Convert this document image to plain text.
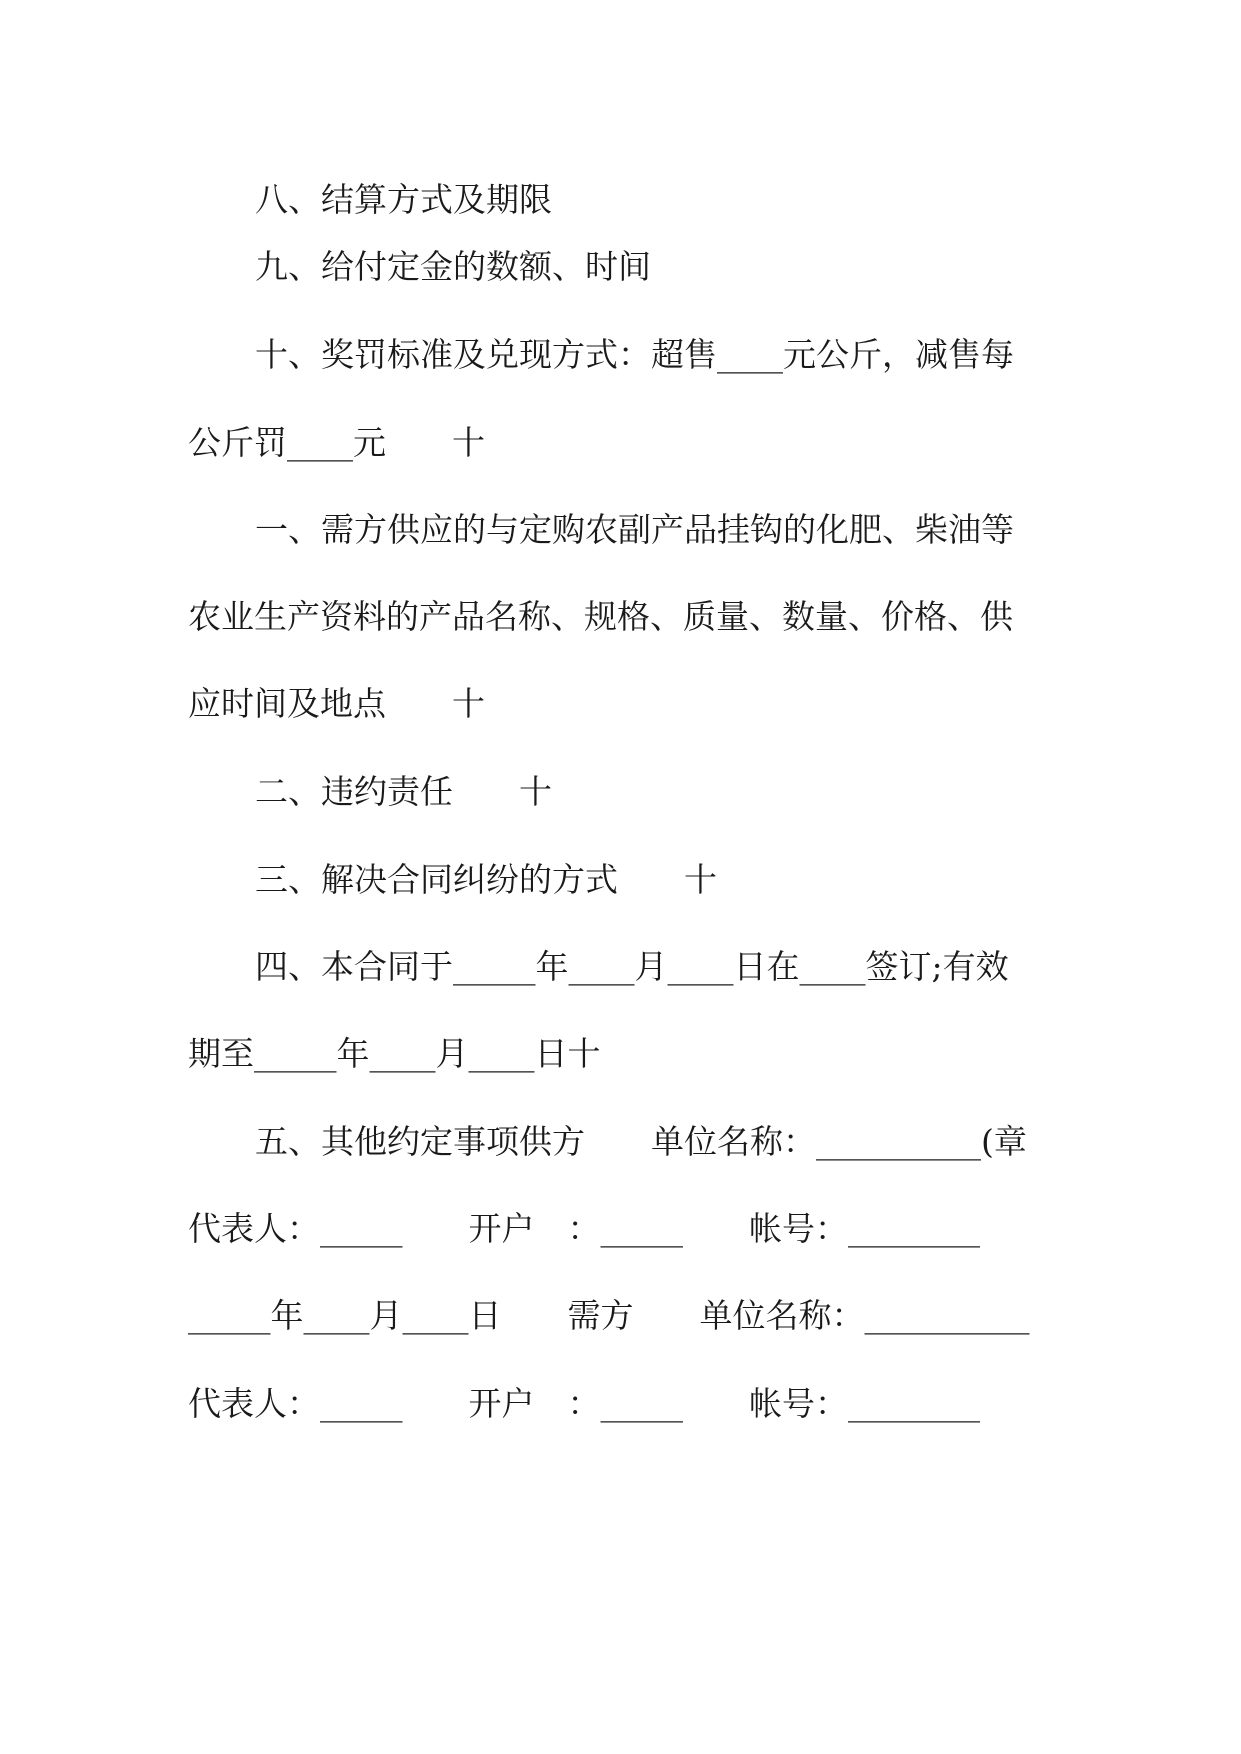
八、结算方式及期限
九、给付定金的数额、时间
十、奖罚标准及兑现方式：超售____元公斤，减售每
公斤罚____元　　十
一、需方供应的与定购农副产品挂钩的化肥、柴油等
农业生产资料的产品名称、规格、质量、数量、价格、供
应时间及地点　　十
二、违约责任　　十
三、解决合同纠纷的方式　　十
四、本合同于_____年____月____日在____签订;有效
期至_____年____月____日十
五、其他约定事项供方　　单位名称：__________(章
代表人：_____　　开户　：_____　　帐号：________
_____年____月____日　　需方　　单位名称：__________
代表人：_____　　开户　：_____　　帐号：________
